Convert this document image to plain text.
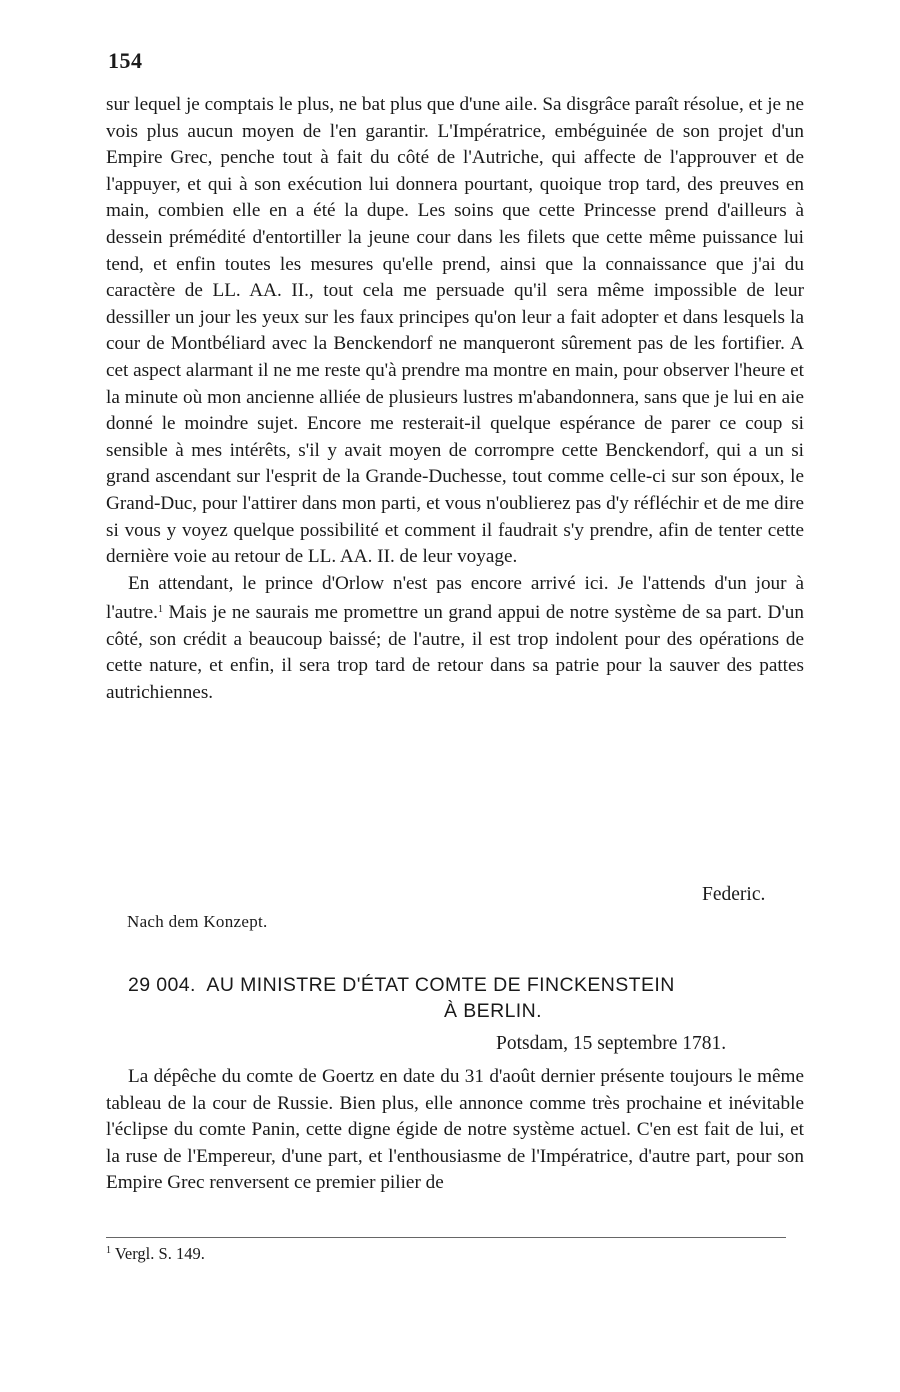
154

sur lequel je comptais le plus, ne bat plus que d'une aile. Sa disgrâce paraît résolue, et je ne vois plus aucun moyen de l'en garantir. L'Impératrice, embéguinée de son projet d'un Empire Grec, penche tout à fait du côté de l'Autriche, qui affecte de l'approuver et de l'appuyer, et qui à son exécution lui donnera pourtant, quoique trop tard, des preuves en main, combien elle en a été la dupe. Les soins que cette Princesse prend d'ailleurs à dessein prémédité d'entortiller la jeune cour dans les filets que cette même puissance lui tend, et enfin toutes les mesures qu'elle prend, ainsi que la connaissance que j'ai du caractère de LL. AA. II., tout cela me persuade qu'il sera même impossible de leur dessiller un jour les yeux sur les faux principes qu'on leur a fait adopter et dans lesquels la cour de Montbéliard avec la Benckendorf ne manqueront sûrement pas de les fortifier. A cet aspect alarmant il ne me reste qu'à prendre ma montre en main, pour observer l'heure et la minute où mon ancienne alliée de plusieurs lustres m'abandonnera, sans que je lui en aie donné le moindre sujet. Encore me resterait-il quelque espérance de parer ce coup si sensible à mes intérêts, s'il y avait moyen de corrompre cette Benckendorf, qui a un si grand ascendant sur l'esprit de la Grande-Duchesse, tout comme celle-ci sur son époux, le Grand-Duc, pour l'attirer dans mon parti, et vous n'oublierez pas d'y réfléchir et de me dire si vous y voyez quelque possibilité et comment il faudrait s'y prendre, afin de tenter cette dernière voie au retour de LL. AA. II. de leur voyage.

En attendant, le prince d'Orlow n'est pas encore arrivé ici. Je l'attends d'un jour à l'autre.$^1$ Mais je ne saurais me promettre un grand appui de notre système de sa part. D'un côté, son crédit a beaucoup baissé; de l'autre, il est trop indolent pour des opérations de cette nature, et enfin, il sera trop tard de retour dans sa patrie pour la sauver des pattes autrichiennes.

Federic.
Nach dem Konzept.
29 004.  AU MINISTRE D'ÉTAT COMTE DE FINCKENSTEIN
À BERLIN.
Potsdam, 15 septembre 1781.

La dépêche du comte de Goertz en date du 31 d'août dernier présente toujours le même tableau de la cour de Russie. Bien plus, elle annonce comme très prochaine et inévitable l'éclipse du comte Panin, cette digne égide de notre système actuel. C'en est fait de lui, et la ruse de l'Empereur, d'une part, et l'enthousiasme de l'Impératrice, d'autre part, pour son Empire Grec renversent ce premier pilier de

$^1$ Vergl. S. 149.
